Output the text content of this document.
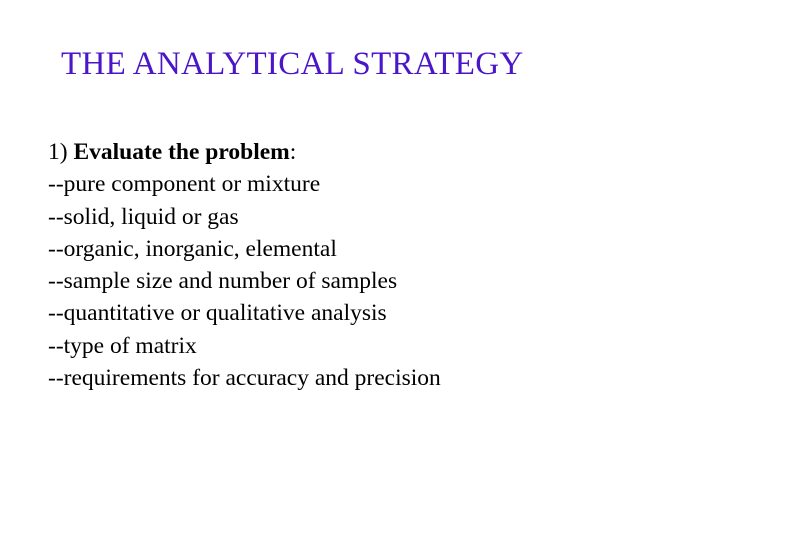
THE ANALYTICAL STRATEGY
1) Evaluate the problem:
--pure component or mixture
--solid, liquid or gas
--organic, inorganic, elemental
--sample size and number of samples
--quantitative or qualitative analysis
--type of matrix
--requirements for accuracy and precision
